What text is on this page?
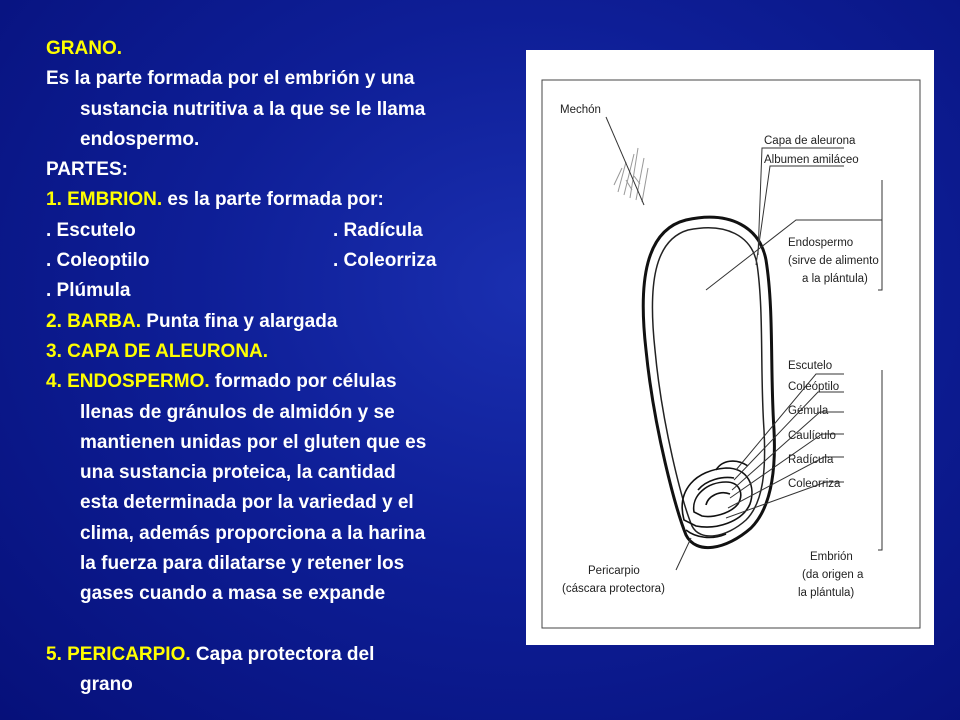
GRANO.
Es la parte formada por el embrión y una
sustancia nutritiva a la que se le llama
endospermo.
PARTES:
1. EMBRION. es la parte formada por:
. Escutelo	. Radícula
. Coleoptilo	. Coleorriza
. Plúmula
2. BARBA. Punta fina y alargada
3. CAPA DE ALEURONA.
4. ENDOSPERMO. formado por células
llenas de gránulos de almidón y se
mantienen unidas por el gluten que es
una sustancia proteica, la cantidad
esta determinada por la variedad y el
clima, además proporciona a la harina
la fuerza para dilatarse y retener los
gases cuando a masa se expande
5. PERICARPIO. Capa protectora del
grano
Mechón
Capa de aleurona
Albumen amiláceo
Endospermo
(sirve de alimento
a la plántula)
Escutelo
Coleóptilo
Gémula
Caulículo
Radícula
Coleorriza
Embrión
(da origen a
la plántula)
Pericarpio
(cáscara protectora)
